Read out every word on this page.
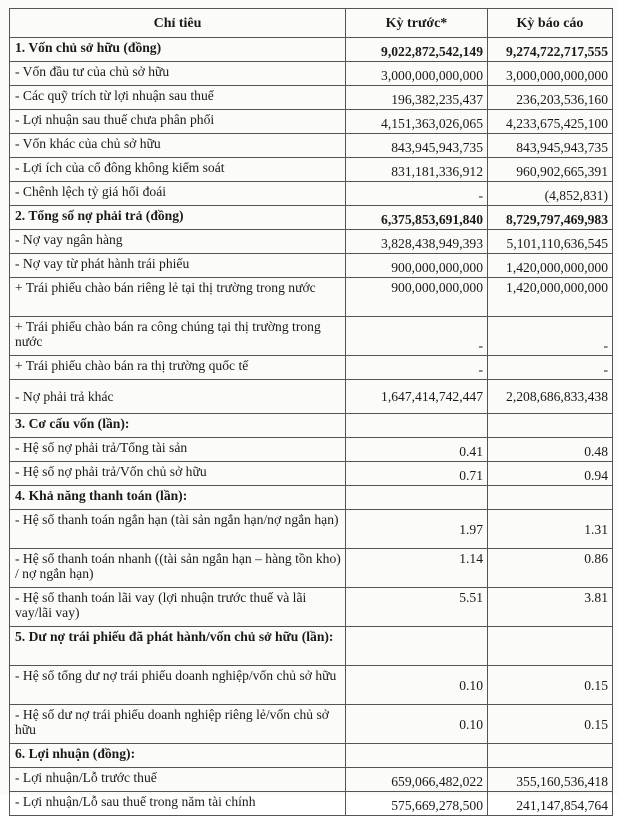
Chỉ tiêu	Kỳ trước*	Kỳ báo cáo
1. Vốn chủ sở hữu (đồng)	9,022,872,542,149	9,274,722,717,555
- Vốn đầu tư của chủ sở hữu	3,000,000,000,000	3,000,000,000,000
- Các quỹ trích từ lợi nhuận sau thuế	196,382,235,437	236,203,536,160
- Lợi nhuận sau thuế chưa phân phối	4,151,363,026,065	4,233,675,425,100
- Vốn khác của chủ sở hữu	843,945,943,735	843,945,943,735
- Lợi ích của cổ đông không kiểm soát	831,181,336,912	960,902,665,391
- Chênh lệch tỷ giá hối đoái	-	(4,852,831)
2. Tổng số nợ phải trả (đồng)	6,375,853,691,840	8,729,797,469,983
- Nợ vay ngân hàng	3,828,438,949,393	5,101,110,636,545
- Nợ vay từ phát hành trái phiếu	900,000,000,000	1,420,000,000,000
+ Trái phiếu chào bán riêng lẻ tại thị trường trong nước	900,000,000,000	1,420,000,000,000
+ Trái phiếu chào bán ra công chúng tại thị trường trong nước	-	-
+ Trái phiếu chào bán ra thị trường quốc tế	-	-
- Nợ phải trả khác	1,647,414,742,447	2,208,686,833,438
3. Cơ cấu vốn (lần):		
- Hệ số nợ phải trả/Tổng tài sản	0.41	0.48
- Hệ số nợ phải trả/Vốn chủ sở hữu	0.71	0.94
4. Khả năng thanh toán (lần):		
- Hệ số thanh toán ngắn hạn (tài sản ngắn hạn/nợ ngắn hạn)	1.97	1.31
- Hệ số thanh toán nhanh ((tài sản ngắn hạn – hàng tồn kho) / nợ ngắn hạn)	1.14	0.86
- Hệ số thanh toán lãi vay (lợi nhuận trước thuế và lãi vay/lãi vay)	5.51	3.81
5. Dư nợ trái phiếu đã phát hành/vốn chủ sở hữu (lần):		
- Hệ số tổng dư nợ trái phiếu doanh nghiệp/vốn chủ sở hữu	0.10	0.15
- Hệ số dư nợ trái phiếu doanh nghiệp riêng lẻ/vốn chủ sở hữu	0.10	0.15
6. Lợi nhuận (đồng):		
- Lợi nhuận/Lỗ trước thuế	659,066,482,022	355,160,536,418
- Lợi nhuận/Lỗ sau thuế trong năm tài chính	575,669,278,500	241,147,854,764
